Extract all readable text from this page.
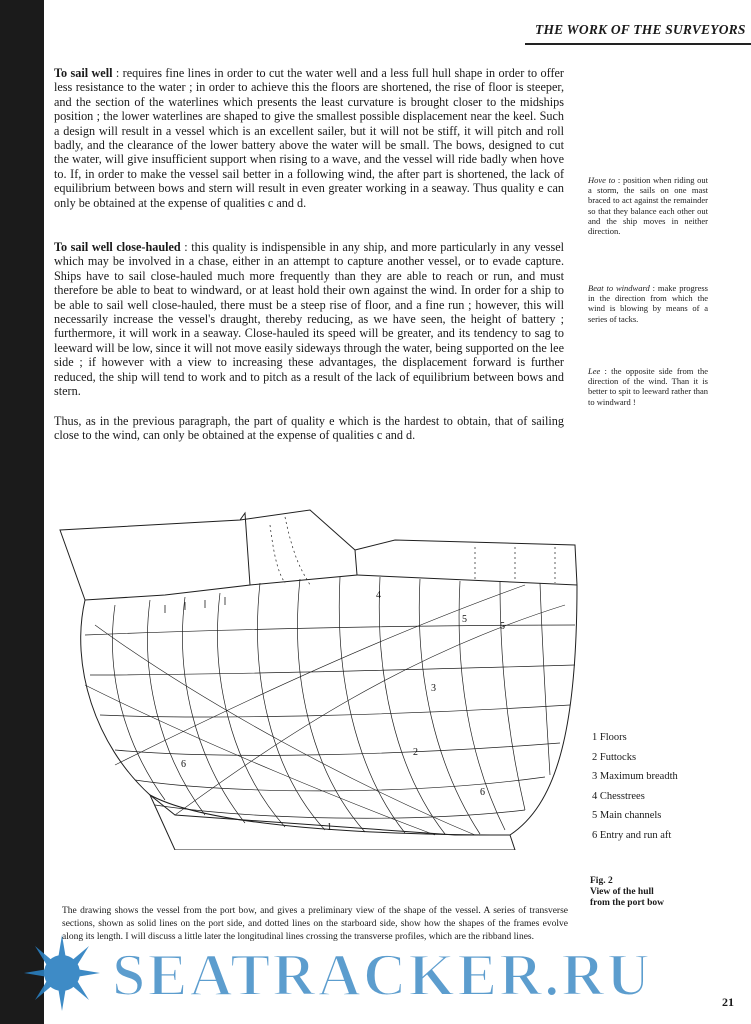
THE WORK OF THE SURVEYORS

To sail well : requires fine lines in order to cut the water well and a less full hull shape in order to offer less resistance to the water ; in order to achieve this the floors are shortened, the rise of floor is steeper, and the section of the waterlines which presents the least curvature is brought closer to the midships position ; the lower waterlines are shaped to give the smallest possible displacement near the keel. Such a design will result in a vessel which is an excellent sailer, but it will not be stiff, it will pitch and roll badly, and the clearance of the lower battery above the water will be small. The bows, designed to cut the water, will give insufficient support when rising to a wave, and the vessel will ride badly when hove to. If, in order to make the vessel sail better in a following wind, the after part is shortened, the lack of equilibrium between bows and stern will result in even greater working in a seaway. Thus quality e can only be obtained at the expense of qualities c and d.

To sail well close-hauled : this quality is indispensible in any ship, and more particularly in any vessel which may be involved in a chase, either in an attempt to capture another vessel, or to evade capture. Ships have to sail close-hauled much more frequently than they are able to reach or run, and must therefore be able to beat to windward, or at least hold their own against the wind. In order for a ship to be able to sail well close-hauled, there must be a steep rise of floor, and a fine run ; however, this will necessarily increase the vessel's draught, thereby reducing, as we have seen, the height of battery ; furthermore, it will work in a seaway. Close-hauled its speed will be greater, and its tendency to sag to leeward will be low, since it will not move easily sideways through the water, being supported on the lee side ; if however with a view to increasing these advantages, the displacement forward is further reduced, the ship will tend to work and to pitch as a result of the lack of equilibrium between bows and stern.

Thus, as in the previous paragraph, the part of quality e which is the hardest to obtain, that of sailing close to the wind, can only be obtained at the expense of qualities c and d.

Hove to : position when riding out a storm, the sails on one mast braced to act against the remainder so that they balance each other out and the ship moves in neither direction.

Beat to windward : make progress in the direction from which the wind is blowing by means of a series of tacks.

Lee : the opposite side from the direction of the wind. Than it is better to spit to leeward rather than to windward !

1
2
3
4
5
5
6
6
1 Floors
2 Futtocks
3 Maximum breadth
4 Chesstrees
5 Main channels
6 Entry and run aft
Fig. 2
View of the hull
from the port bow

The drawing shows the vessel from the port bow, and gives a preliminary view of the shape of the vessel. A series of transverse sections, shown as solid lines on the port side, and dotted lines on the starboard side, show how the shapes of the frames evolve along its length. I will discuss a little later the longitudinal lines crossing the transverse profiles, which are the ribband lines.

SEATRACKER.RU	21
